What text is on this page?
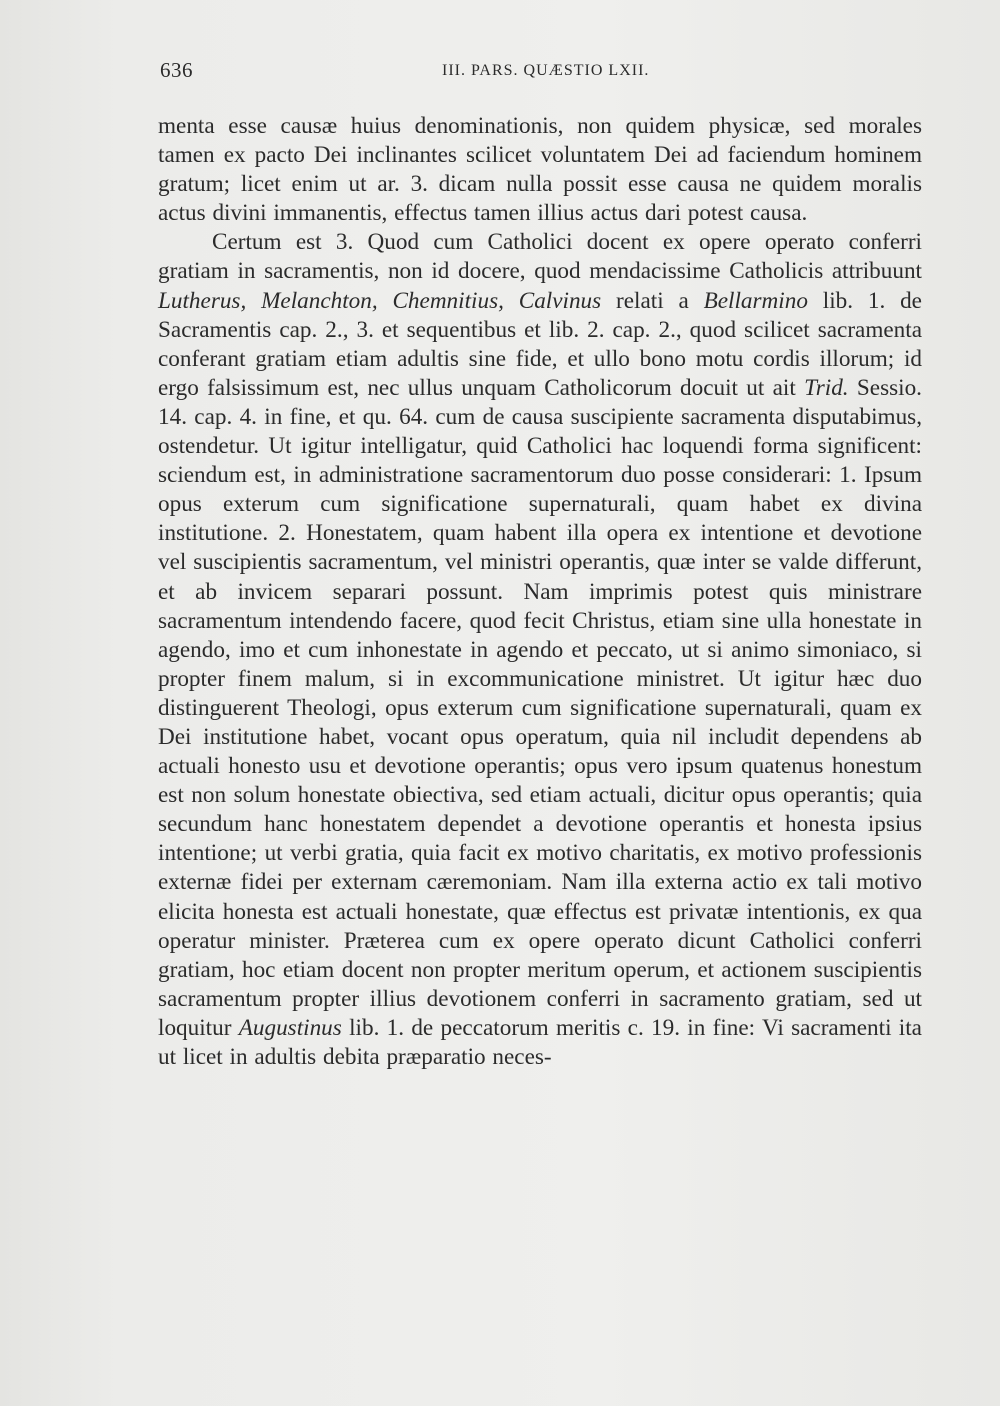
636	III. PARS. QUÆSTIO LXII.

menta esse causæ huius denominationis, non quidem physicæ, sed morales tamen ex pacto Dei inclinantes scilicet voluntatem Dei ad faciendum hominem gratum; licet enim ut ar. 3. dicam nulla possit esse causa ne quidem moralis actus divini immanentis, effectus tamen illius actus dari potest causa.

Certum est 3. Quod cum Catholici docent ex opere operato conferri gratiam in sacramentis, non id docere, quod mendacissime Catholicis attribuunt Lutherus, Melanchton, Chemnitius, Calvinus relati a Bellarmino lib. 1. de Sacramentis cap. 2., 3. et sequentibus et lib. 2. cap. 2., quod scilicet sacramenta conferant gratiam etiam adultis sine fide, et ullo bono motu cordis illorum; id ergo falsissimum est, nec ullus unquam Catholicorum docuit ut ait Trid. Sessio. 14. cap. 4. in fine, et qu. 64. cum de causa suscipiente sacramenta disputabimus, ostendetur. Ut igitur intelligatur, quid Catholici hac loquendi forma significent: sciendum est, in administratione sacramentorum duo posse considerari: 1. Ipsum opus exterum cum significatione supernaturali, quam habet ex divina institutione. 2. Honestatem, quam habent illa opera ex intentione et devotione vel suscipientis sacramentum, vel ministri operantis, quæ inter se valde differunt, et ab invicem separari possunt. Nam imprimis potest quis ministrare sacramentum intendendo facere, quod fecit Christus, etiam sine ulla honestate in agendo, imo et cum inhonestate in agendo et peccato, ut si animo simoniaco, si propter finem malum, si in excommunicatione ministret. Ut igitur hæc duo distinguerent Theologi, opus exterum cum significatione supernaturali, quam ex Dei institutione habet, vocant opus operatum, quia nil includit dependens ab actuali honesto usu et devotione operantis; opus vero ipsum quatenus honestum est non solum honestate obiectiva, sed etiam actuali, dicitur opus operantis; quia secundum hanc honestatem dependet a devotione operantis et honesta ipsius intentione; ut verbi gratia, quia facit ex motivo charitatis, ex motivo professionis externæ fidei per externam cæremoniam. Nam illa externa actio ex tali motivo elicita honesta est actuali honestate, quæ effectus est privatæ intentionis, ex qua operatur minister. Præterea cum ex opere operato dicunt Catholici conferri gratiam, hoc etiam docent non propter meritum operum, et actionem suscipientis sacramentum propter illius devotionem conferri in sacramento gratiam, sed ut loquitur Augustinus lib. 1. de peccatorum meritis c. 19. in fine: Vi sacramenti ita ut licet in adultis debita præparatio neces-
